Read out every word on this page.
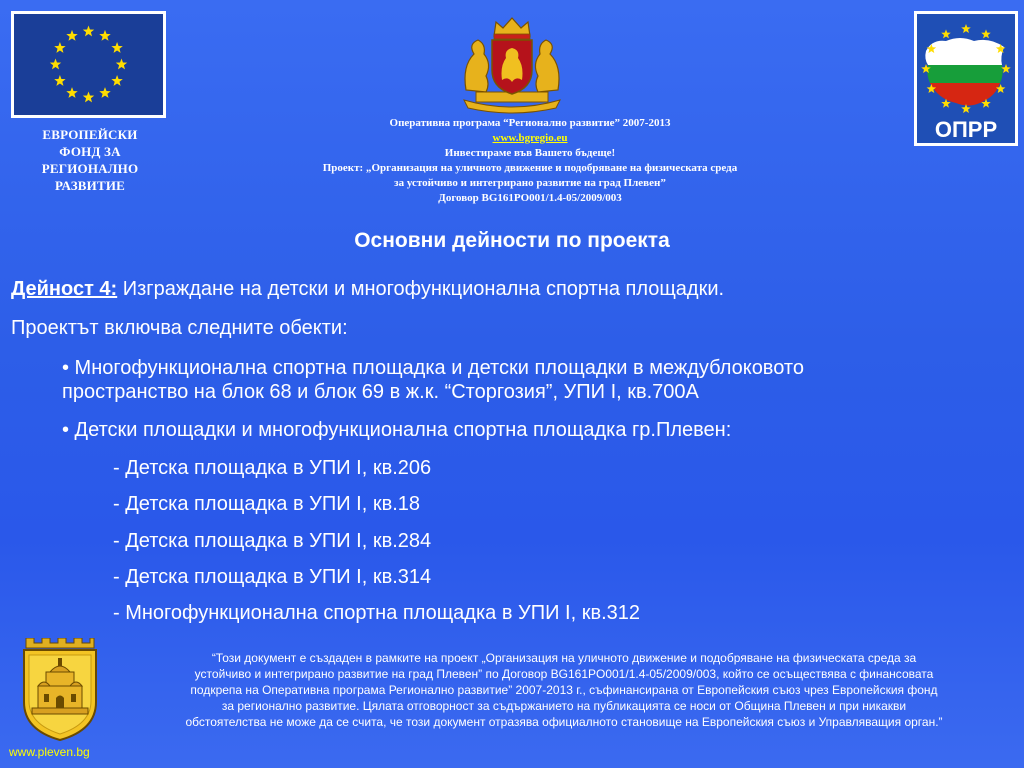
ЕВРОПЕЙСКИ
ФОНД ЗА
РЕГИОНАЛНО
РАЗВИТИЕ
ОПРР
Оперативна програма “Регионално развитие” 2007-2013
www.bgregio.eu
Инвестираме във Вашето бъдеще!
Проект: „Организация на уличното движение и подобряване на физическата среда
за устойчиво и интегрирано развитие на град Плевен”
Договор BG161PO001/1.4-05/2009/003
Основни дейности по проекта
Дейност 4: Изграждане на детски и многофункционална спортна площадки.
Проектът включва следните обекти:
• Многофункционална спортна площадка и детски площадки в междублоковото
пространство на блок 68 и блок 69 в ж.к. “Сторгозия”, УПИ I, кв.700А
• Детски площадки и многофункционална спортна площадка гр.Плевен:
- Детска площадка в УПИ I, кв.206
- Детска площадка в УПИ I, кв.18
- Детска площадка в УПИ I, кв.284
- Детска площадка в УПИ I, кв.314
- Многофункционална спортна площадка в УПИ I, кв.312
“Този документ е създаден в рамките на проект „Организация на уличното движение и подобряване на физическата среда за
устойчиво и интегрирано развитие на град Плевен” по Договор BG161PO001/1.4-05/2009/003, който се осъществява с финансовата
подкрепа на Оперативна програма Регионално развитие” 2007-2013 г., съфинансирана от Европейския съюз чрез Европейския фонд
за регионално развитие. Цялата отговорност за съдържанието на публикацията се носи от Община Плевен и при никакви
обстоятелства не може да се счита, че този документ отразява официалното становище на Европейския съюз и Управляващия орган.”
www.pleven.bg
